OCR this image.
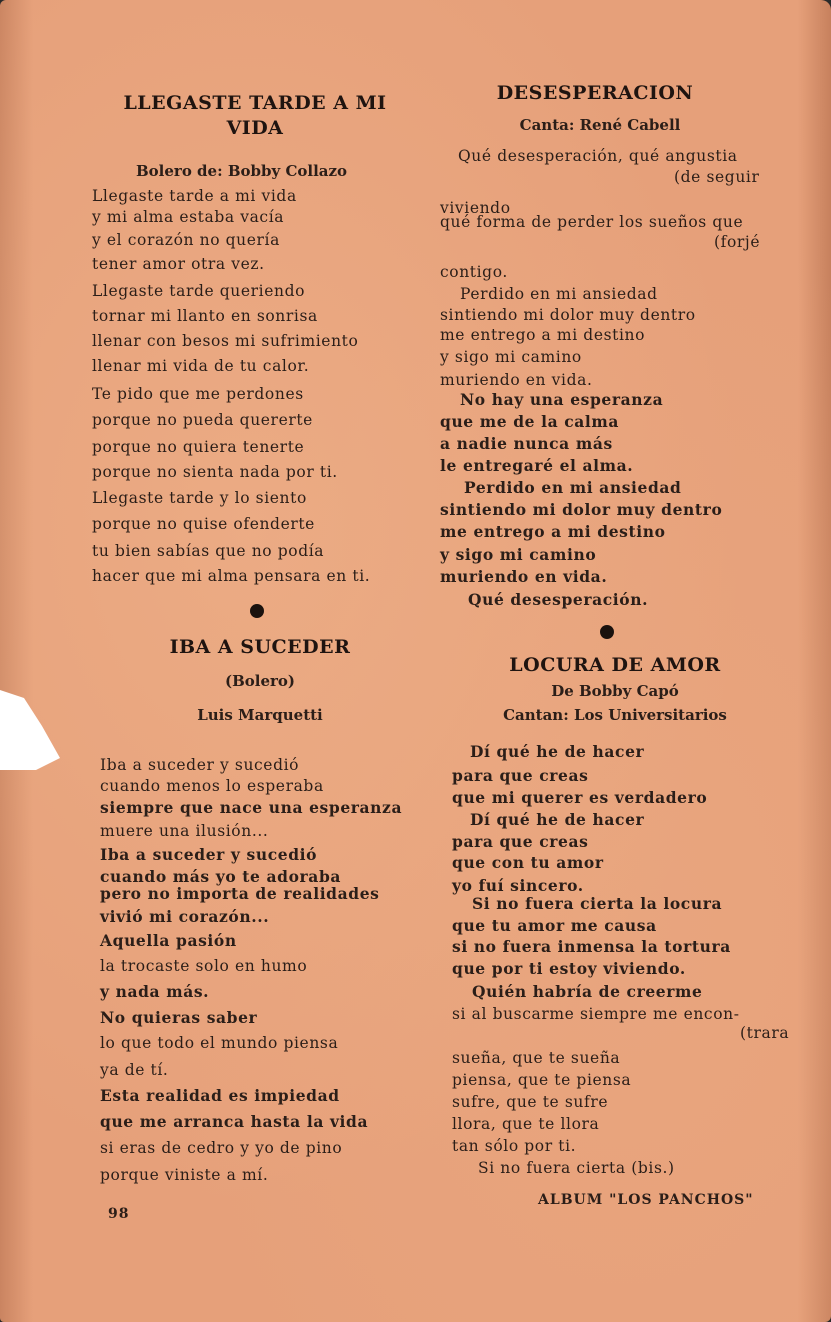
LLEGASTE TARDE A MI
VIDA
Bolero de: Bobby Collazo
Llegaste tarde a mi vida
y mi alma estaba vacía
y el corazón no quería
tener amor otra vez.
Llegaste tarde queriendo
tornar mi llanto en sonrisa
llenar con besos mi sufrimiento
llenar mi vida de tu calor.
Te pido que me perdones
porque no pueda quererte
porque no quiera tenerte
porque no sienta nada por ti.
Llegaste tarde y lo siento
porque no quise ofenderte
tu bien sabías que no podía
hacer que mi alma pensara en ti.
IBA A SUCEDER
(Bolero)
Luis Marquetti
Iba a suceder y sucedió
cuando menos lo esperaba
siempre que nace una esperanza
muere una ilusión...
Iba a suceder y sucedió
cuando más yo te adoraba
pero no importa de realidades
vivió mi corazón...
Aquella pasión
la trocaste solo en humo
y nada más.
No quieras saber
lo que todo el mundo piensa
ya de tí.
Esta realidad es impiedad
que me arranca hasta la vida
si eras de cedro y yo de pino
porque viniste a mí.
98
DESESPERACION
Canta: René Cabell
Qué desesperación, qué angustia
(de seguir
viviendo
qué forma de perder los sueños que
(forjé
contigo.
Perdido en mi ansiedad
sintiendo mi dolor muy dentro
me entrego a mi destino
y sigo mi camino
muriendo en vida.
No hay una esperanza
que me de la calma
a nadie nunca más
le entregaré el alma.
Perdido en mi ansiedad
sintiendo mi dolor muy dentro
me entrego a mi destino
y sigo mi camino
muriendo en vida.
Qué desesperación.
LOCURA DE AMOR
De Bobby Capó
Cantan: Los Universitarios
Dí qué he de hacer
para que creas
que mi querer es verdadero
Dí qué he de hacer
para que creas
que con tu amor
yo fuí sincero.
Si no fuera cierta la locura
que tu amor me causa
si no fuera inmensa la tortura
que por ti estoy viviendo.
Quién habría de creerme
si al buscarme siempre me encon-
(trara
sueña, que te sueña
piensa, que te piensa
sufre, que te sufre
llora, que te llora
tan sólo por ti.
Si no fuera cierta (bis.)
ALBUM "LOS PANCHOS"
